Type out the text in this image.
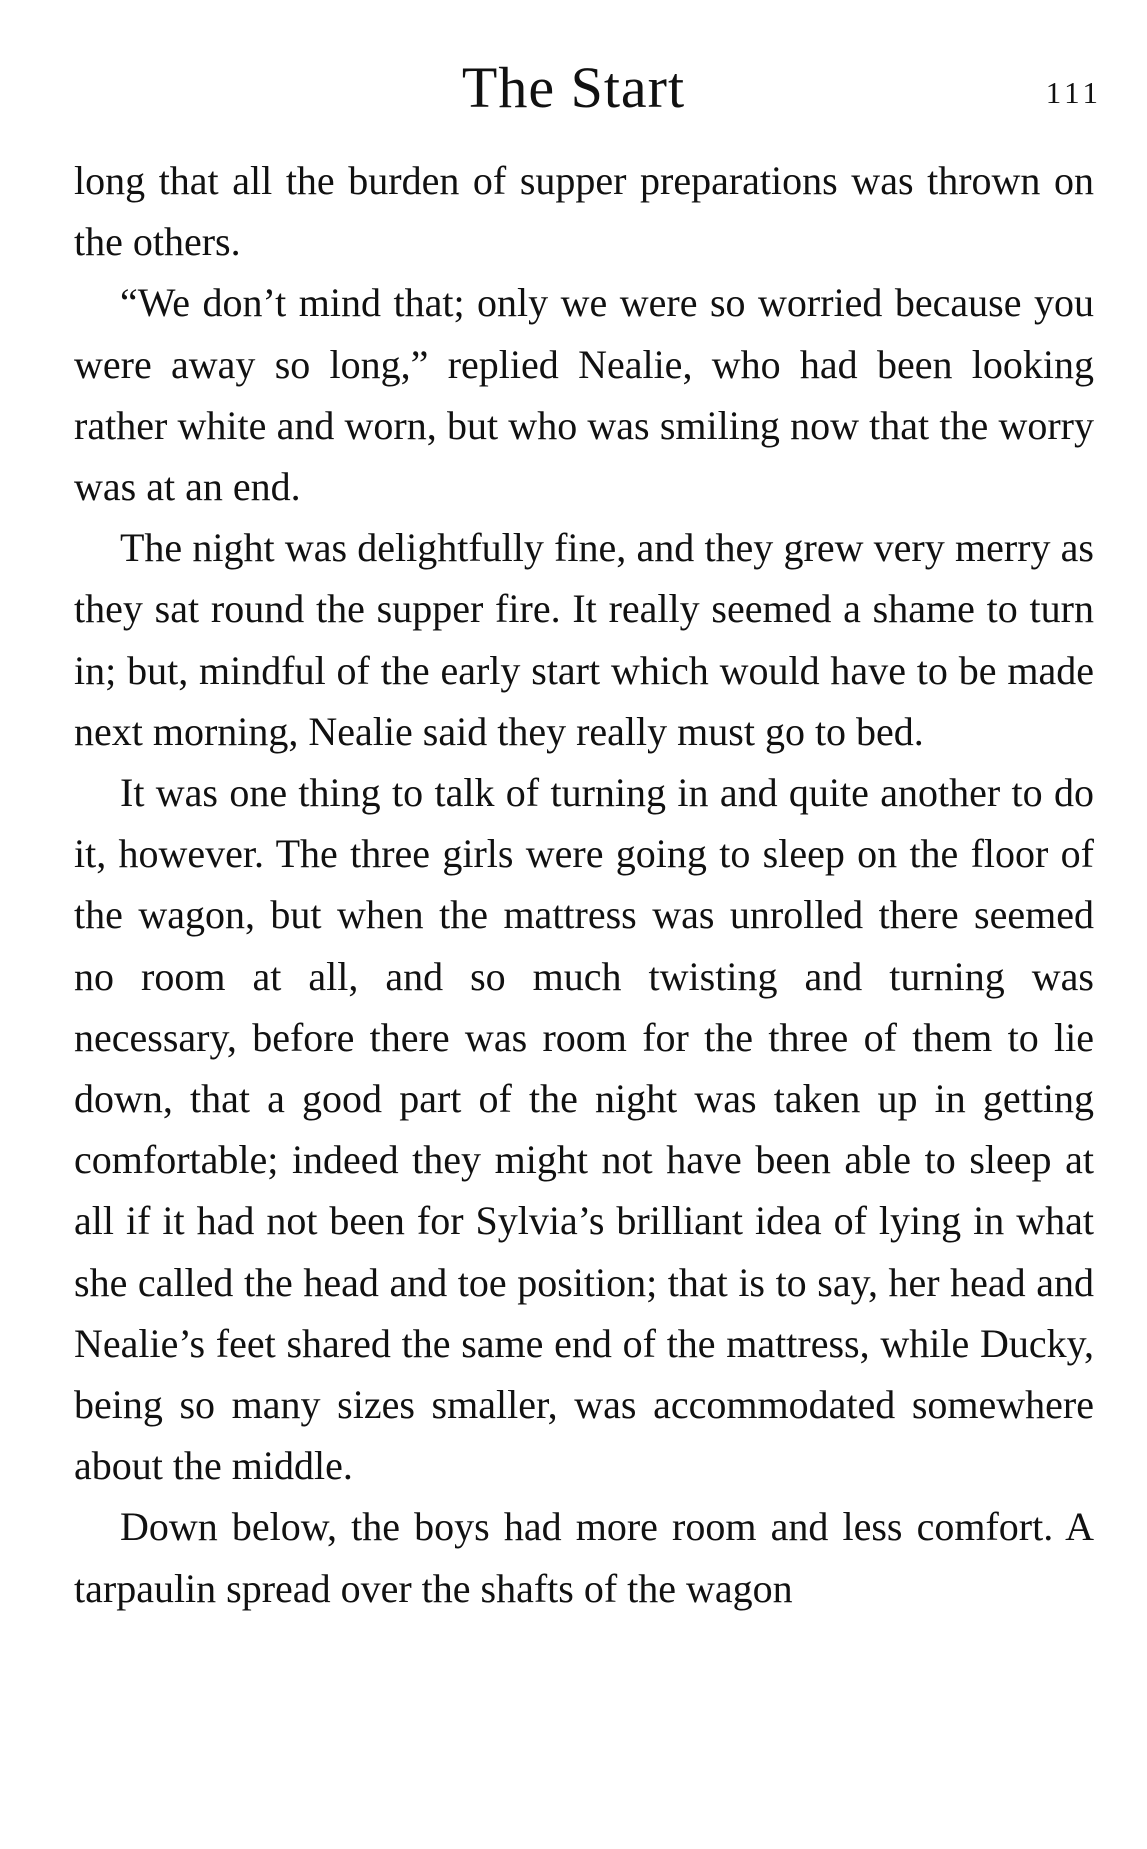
The Start	111

long that all the burden of supper preparations was thrown on the others.

“We don’t mind that; only we were so worried because you were away so long,” replied Nealie, who had been looking rather white and worn, but who was smiling now that the worry was at an end.

The night was delightfully fine, and they grew very merry as they sat round the supper fire. It really seemed a shame to turn in; but, mindful of the early start which would have to be made next morning, Nealie said they really must go to bed.

It was one thing to talk of turning in and quite another to do it, however. The three girls were going to sleep on the floor of the wagon, but when the mattress was unrolled there seemed no room at all, and so much twisting and turning was necessary, before there was room for the three of them to lie down, that a good part of the night was taken up in getting comfortable; indeed they might not have been able to sleep at all if it had not been for Sylvia’s brilliant idea of lying in what she called the head and toe position; that is to say, her head and Nealie’s feet shared the same end of the mattress, while Ducky, being so many sizes smaller, was accommodated somewhere about the middle.

Down below, the boys had more room and less comfort. A tarpaulin spread over the shafts of the wagon
